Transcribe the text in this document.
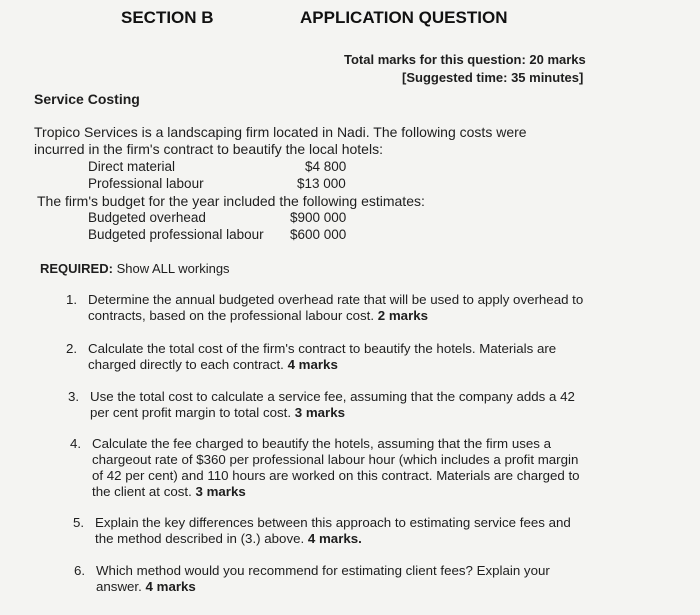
SECTION B	APPLICATION QUESTION
Total marks for this question: 20 marks
[Suggested time: 35 minutes]
Service Costing
Tropico Services is a landscaping firm located in Nadi. The following costs were
incurred in the firm's contract to beautify the local hotels:
Direct material	$4 800
Professional labour	$13 000
The firm's budget for the year included the following estimates:
Budgeted overhead	$900 000
Budgeted professional labour $600 000
REQUIRED: Show ALL workings
1. Determine the annual budgeted overhead rate that will be used to apply overhead to contracts, based on the professional labour cost. 2 marks
2. Calculate the total cost of the firm's contract to beautify the hotels. Materials are charged directly to each contract. 4 marks
3. Use the total cost to calculate a service fee, assuming that the company adds a 42 per cent profit margin to total cost. 3 marks
4. Calculate the fee charged to beautify the hotels, assuming that the firm uses a chargeout rate of $360 per professional labour hour (which includes a profit margin of 42 per cent) and 110 hours are worked on this contract. Materials are charged to the client at cost. 3 marks
5. Explain the key differences between this approach to estimating service fees and the method described in (3.) above. 4 marks.
6. Which method would you recommend for estimating client fees? Explain your answer. 4 marks
